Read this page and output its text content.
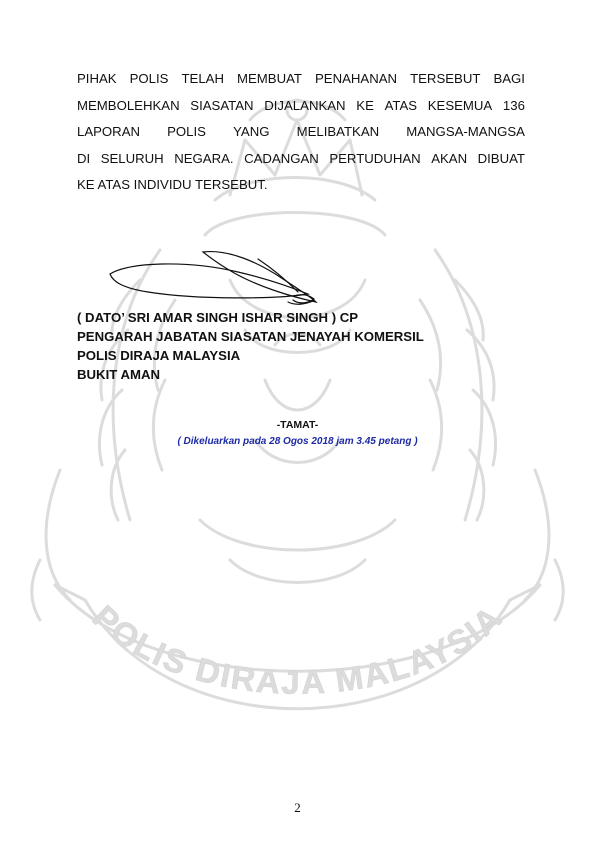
POLIS DIRAJA MALAYSIA
PIHAK POLIS TELAH MEMBUAT PENAHANAN TERSEBUT BAGI
MEMBOLEHKAN SIASATAN DIJALANKAN KE ATAS KESEMUA 136
LAPORAN POLIS YANG MELIBATKAN MANGSA-MANGSA
DI SELURUH NEGARA. CADANGAN PERTUDUHAN AKAN DIBUAT
KE ATAS INDIVIDU TERSEBUT.
( DATO’ SRI AMAR SINGH ISHAR SINGH ) CP
PENGARAH JABATAN SIASATAN JENAYAH KOMERSIL
POLIS DIRAJA MALAYSIA
BUKIT AMAN
-TAMAT-
( Dikeluarkan pada 28 Ogos 2018 jam 3.45 petang )
2
